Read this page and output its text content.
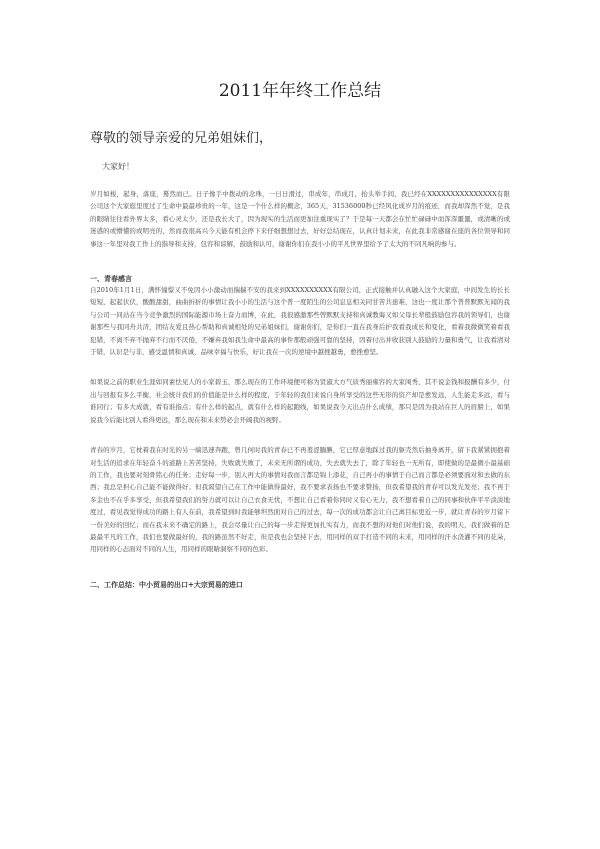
2011年年终工作总结
尊敬的领导亲爱的兄弟姐妹们，
大家好！

岁月如梭，起身，落座，蓦然而已。日子像手中拨动的念珠，一日日滑过，串成年，串成月，抬头举手间，我已经在XXXXXXXXXXXXXXX有限公司这个大家庭里度过了生命中最最珍贵的一年，这是一个什么样的概念，365天，31536000秒已经风化成岁月的痕迹，而我却浑然不觉，是我的眼睛往往看外界太多，看心灵太少，还是我长大了，因为现实的生活而更加注重现实了？于是每一天都会在忙忙碌碌中而浑浑噩噩，或清晰的或迷惑的或懵懂的或明亮的，然而我很高兴今天能有机会停下来仔细想想过去，好好总结现在，认真计划未来，在此我非常感谢在座的各位领导和同事这一年里对我工作上的指导和支持，包容和谅解，鼓励和认可，谢谢你们在我小小的平凡世界里给予了太大的不同凡响的参与。

一、青春感言

自2010年1月1日，满怀憧憬又不免因小小激动而揣揣不安的我来到XXXXXXXXXX有限公司，正式接触并认真融入这个大家庭，中间发生的长长短短，起起伏伏，酸酸甜甜，曲曲折折的事情让我小小的生活与这个普一度陌生的公司息息相关同甘苦共患难，这也一度让那个普普默默无闻的我与公司一同站在当今竞争激烈的国际能源市场上奋力而博，在此，我很感激那些曾默默支持和真诚教诲又如父母长辈般鼓励包容我的领导们，也谢谢那些与我同舟共济，团结友爱且热心帮助和真诚相处的兄弟姐妹们，谢谢你们，是你们一直在我身后护我看我成长和变化，看着我微微笑着看我犯错，不离不弃不抛弃不行而不厌倦，不嫌弃我如我生命中最高的事件那般顽强可靠的坚持，因着付出并收获别人鼓励的力量和勇气，让我看清对于错，认识是与非，感受温情和真诚，品味幸福与快乐，好让我在一次的逆境中越挫越勇，愈挫愈坚。

如果说之前的职业生涯如同素怯见人的小家碧玉，那么现在的工作环境便可称为贤淑大方气质秀丽雍容的大家闺秀，其不说金钱和报酬有多少，付出与回报有多么平衡，社会统计我们的价值能是什么样的程度，于年轻的我们来说自身所享受的这些无形的资产却是愈发远，人生能走多远，看与谁同行；有多大成就，看有谁指点；有什么样的起点，就有什么样的起跑线，如果说我今天出点什么成绩，那只是因为我站在巨人的肩膀上，如果说我今后能比别人看得更远，那么现在和未来势必会开阔我的视野。

青春的岁月，它枕着我在时光的另一端迅速奔跑，曾几何时我的青春已不再羞涩腼腆，它已厚意地踩过我的躯壳然后抽身离开，留下我紧紧拥抱着对生活的追求在年轻奋斗的道路上苦苦坚持，失败就失败了，未来无所谓的成功，失去就失去了，除了年轻也一无所有，即使做的是最微小最基础的工作，我也要对刻骨铭心的任务；走好每一步，别人再大的事情对我而言都是锦上添花，自己再小的事情于自己而言都是必须要面对和去做的东西；我总是担心自己能不能做得好；但我渴望自己在工作中能做得最好，我不要求表扬也不要求赞扬，但我希望我的青春可以发光发亮；我不再于多金也不在乎多享受，但我希望我们的努力就可以让自己衣食无忧，不想让自己看着你同时又有心无力，我不想看着自己的同事和伙伴平平淡淡地度过，看见我觉得成功的路上有人在前，我希望到时我能够坦然面对自己的过去，每一次的成功都会让自己离目标更近一步，就让青春的岁月留下一份美好的回忆；而在我未来不确定的路上，我会尽量让自己的每一步走得更加扎实有力，而我不想的对他们对他们说，我的明天，我们做着的是最最平凡的工作，我们也要做最好的，我的路虽然不好走，但是我也会坚持下去，用同样的双手打造不同的未来，用同样的汗水浇灌不同的花朵，用同样的心态面对不同的人生，用同样的眼睛洞察不同的色彩。

二、工作总结：中小贸易的出口+大宗贸易的进口
